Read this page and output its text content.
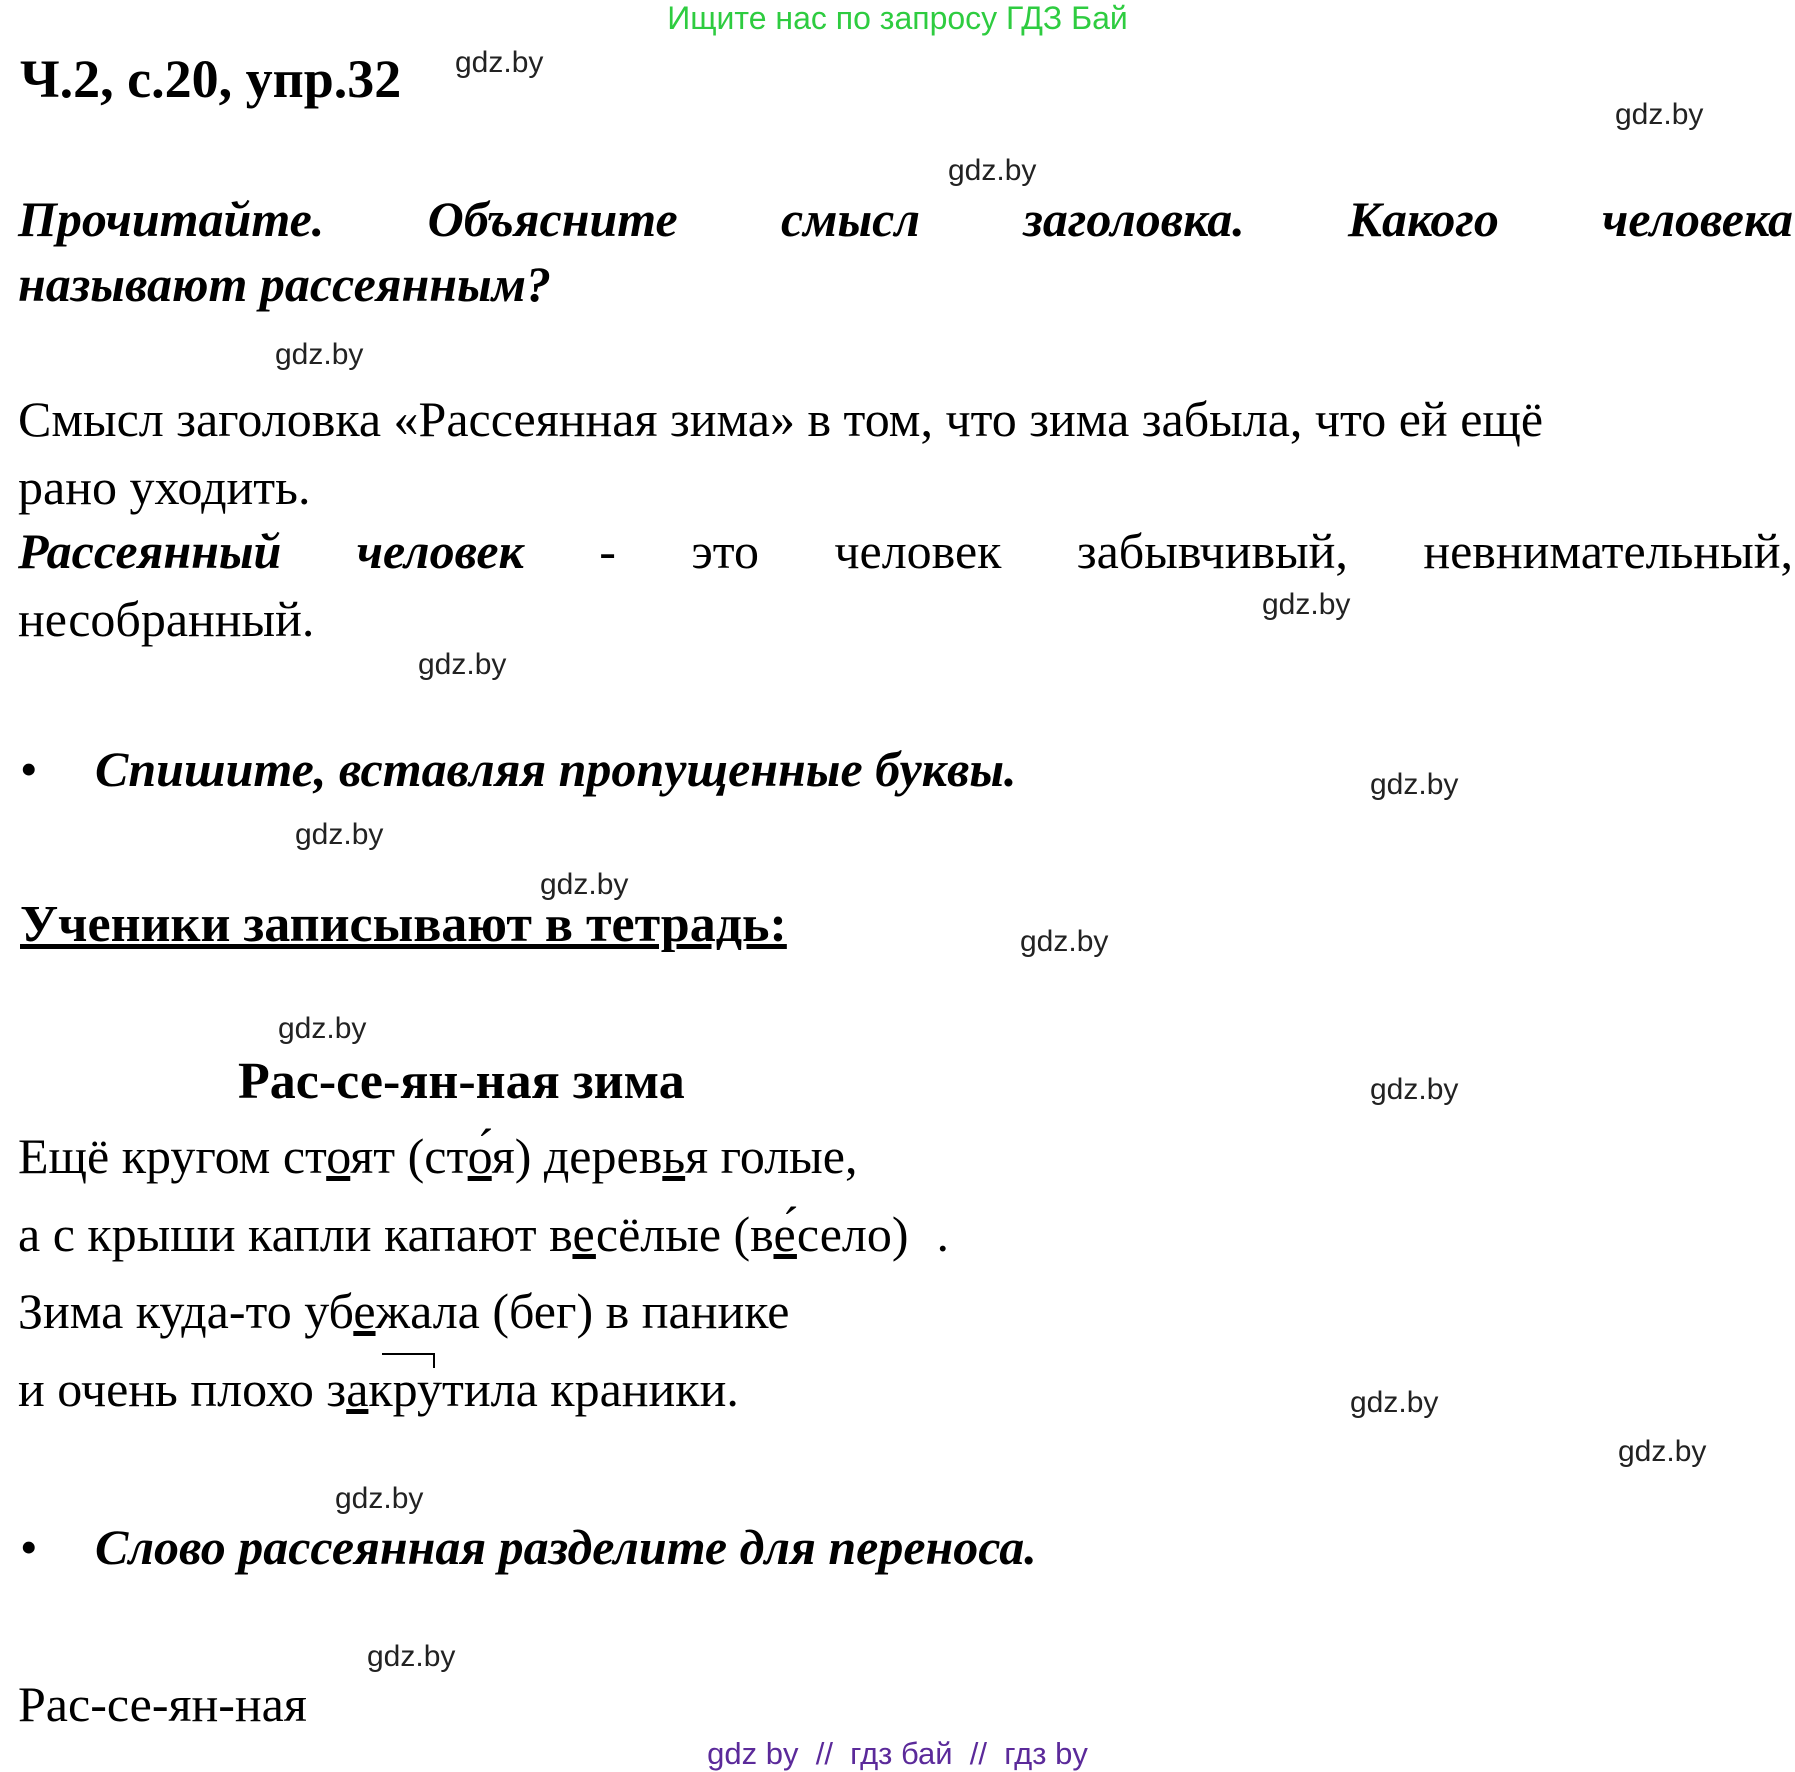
Ищите нас по запросу ГДЗ Бай
Ч.2, с.20, упр.32
Прочитайте. Объясните смысл заголовка. Какого человека
называют рассеянным?
Смысл заголовка «Рассеянная зима» в том, что зима забыла, что ей ещё
рано уходить.
Рассеянный человек - это человек забывчивый, невнимательный,
несобранный.
• Спишите, вставляя пропущенные буквы.
Ученики записывают в тетрадь:
Рас-се-ян-ная зима
Ещё кругом стоят (сто́я) деревья голые,
а с крыши капли капают весёлые (ве́село) .
Зима куда-то убежала (бег) в панике
и очень плохо закрутила краники.
• Слово рассеянная разделите для переноса.
Рас-се-ян-ная
gdz.by
gdz.by
gdz.by
gdz.by
gdz.by
gdz.by
gdz.by
gdz.by
gdz.by
gdz.by
gdz.by
gdz.by
gdz.by
gdz.by
gdz.by
gdz.by
gdz by  //  гдз бай  //  гдз by
